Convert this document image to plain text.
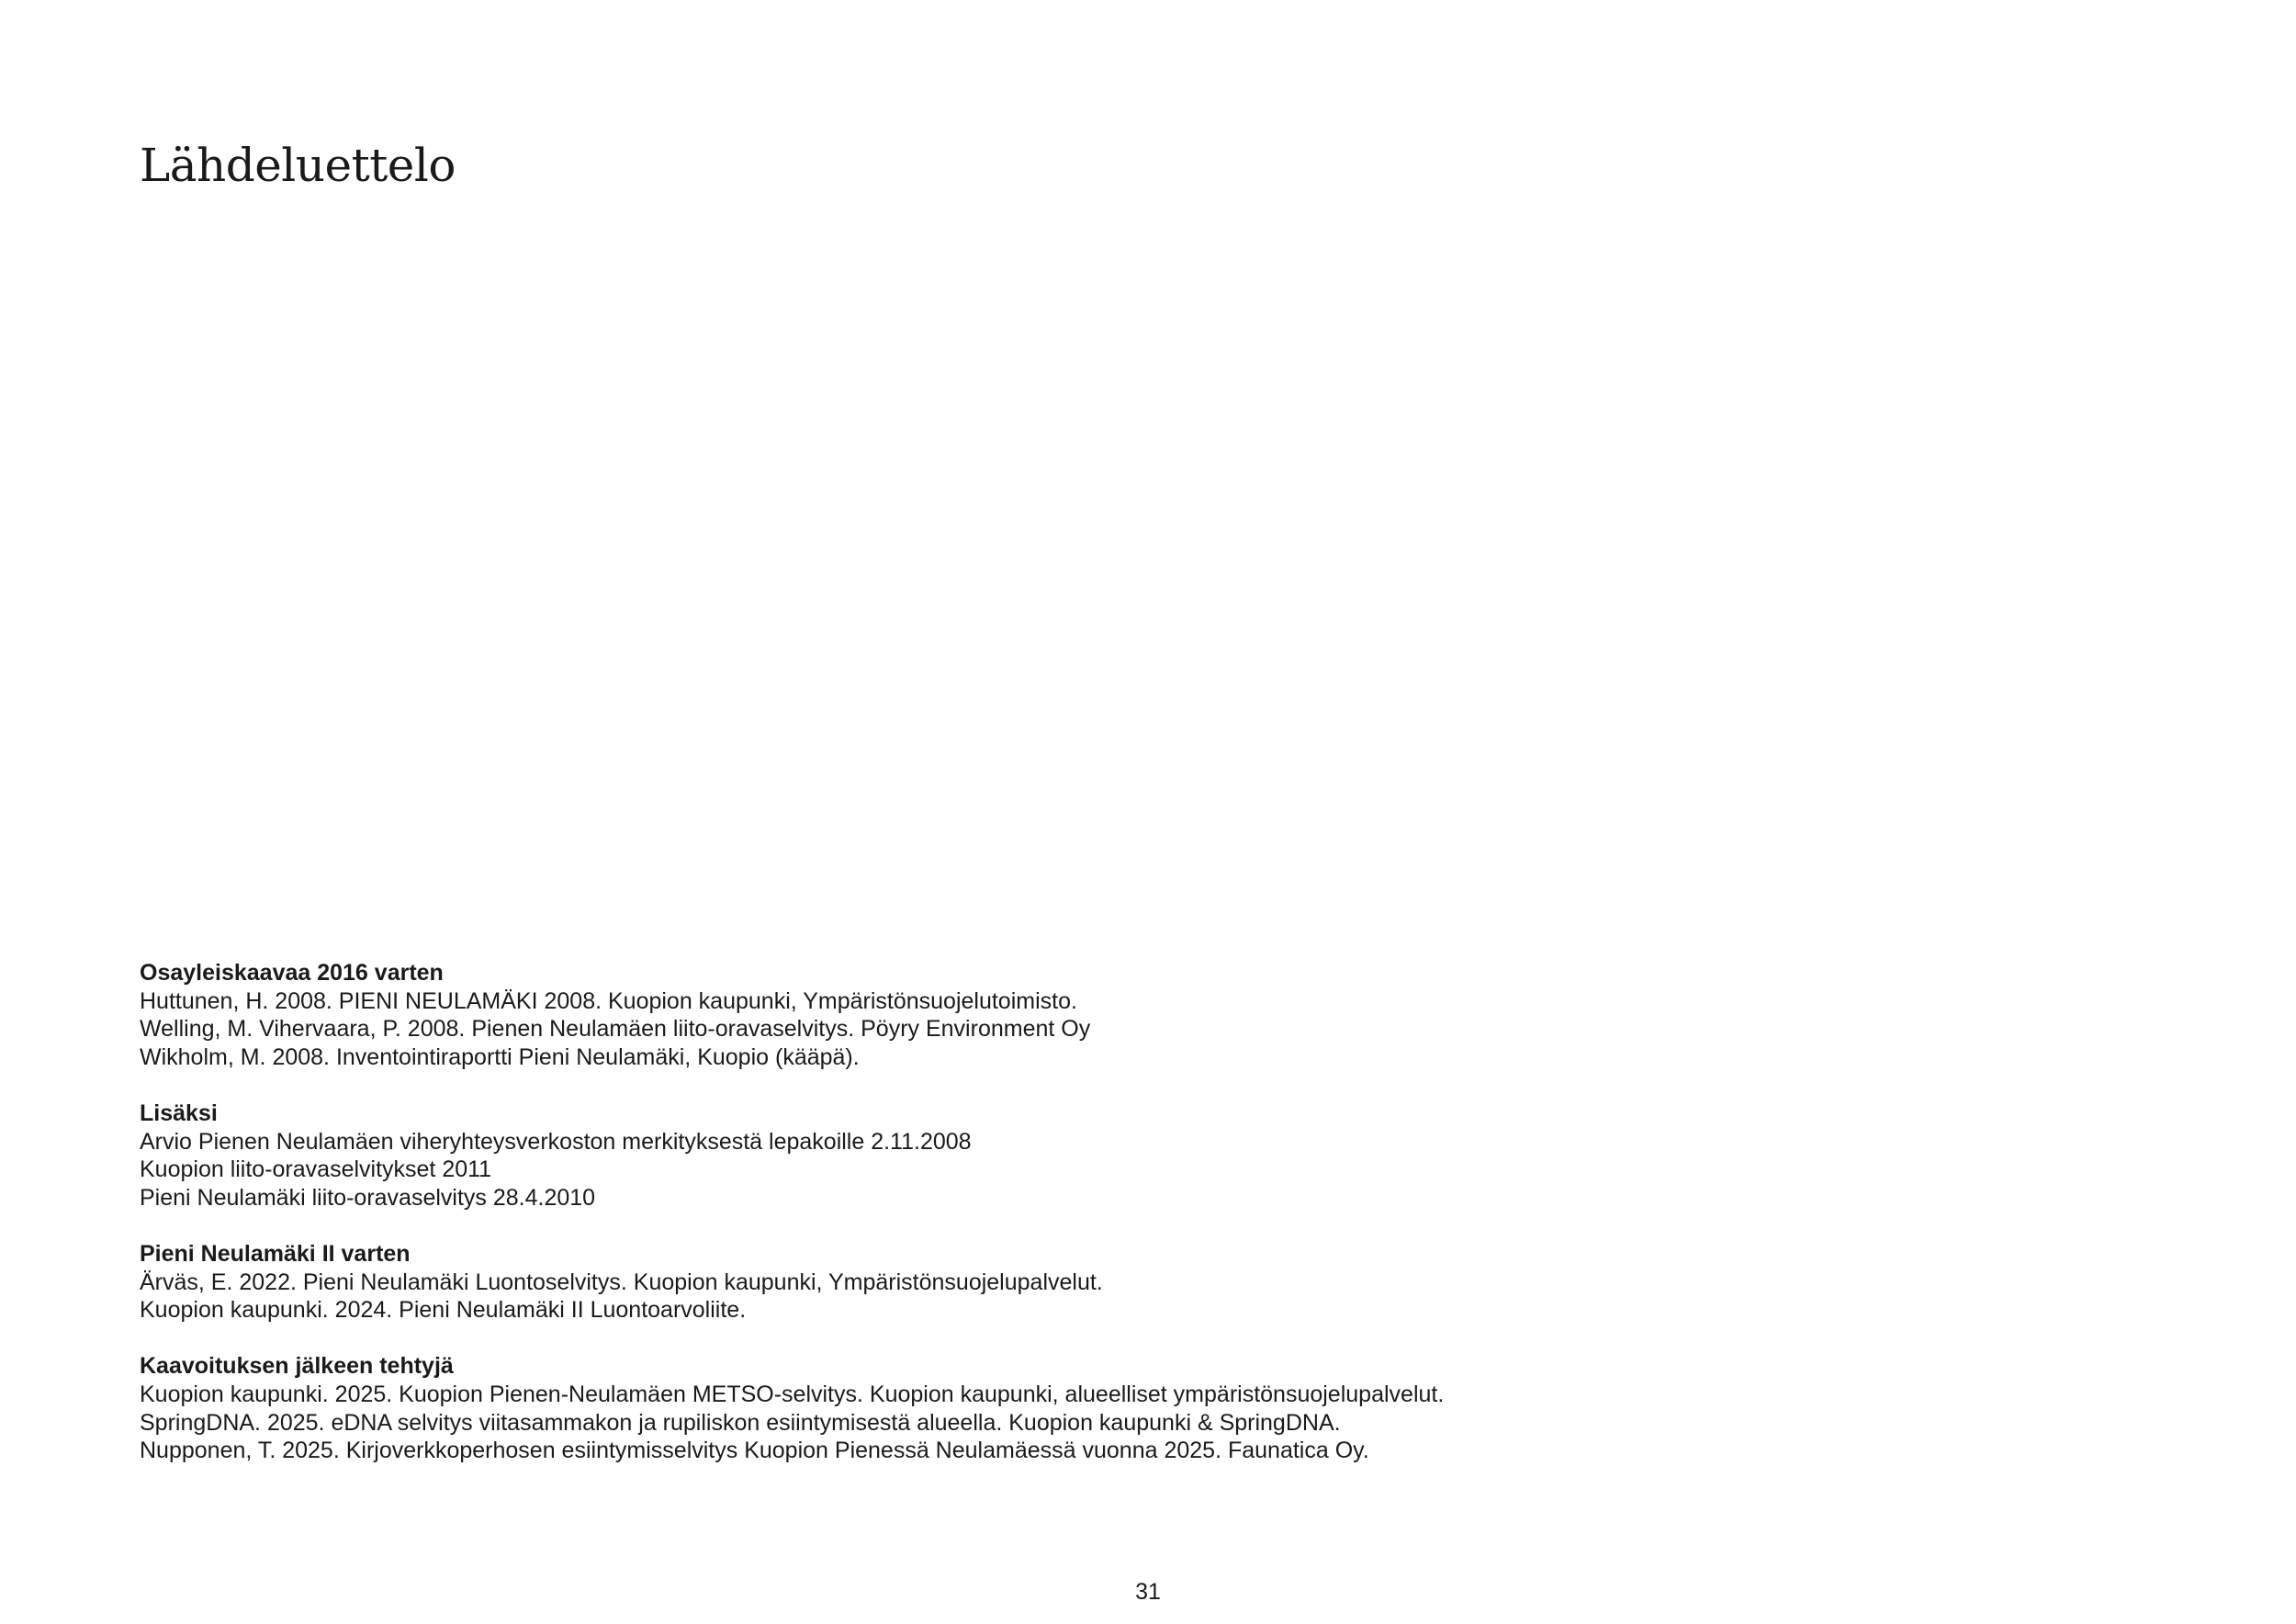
Lähdeluettelo

Osayleiskaavaa 2016 varten

Huttunen, H. 2008. PIENI NEULAMÄKI 2008. Kuopion kaupunki, Ympäristönsuojelutoimisto.

Welling, M. Vihervaara, P. 2008. Pienen Neulamäen liito-oravaselvitys. Pöyry Environment Oy

Wikholm, M. 2008. Inventointiraportti Pieni Neulamäki, Kuopio (kääpä).

Lisäksi

Arvio Pienen Neulamäen viheryhteysverkoston merkityksestä lepakoille 2.11.2008

Kuopion liito-oravaselvitykset 2011

Pieni Neulamäki liito-oravaselvitys 28.4.2010

Pieni Neulamäki II varten

Ärväs, E. 2022. Pieni Neulamäki Luontoselvitys. Kuopion kaupunki, Ympäristönsuojelupalvelut.

Kuopion kaupunki. 2024. Pieni Neulamäki II Luontoarvoliite.

Kaavoituksen jälkeen tehtyjä

Kuopion kaupunki. 2025. Kuopion Pienen-Neulamäen METSO-selvitys. Kuopion kaupunki, alueelliset ympäristönsuojelupalvelut.

SpringDNA. 2025. eDNA selvitys viitasammakon ja rupiliskon esiintymisestä alueella. Kuopion kaupunki & SpringDNA.

Nupponen, T. 2025. Kirjoverkkoperhosen esiintymisselvitys Kuopion Pienessä Neulamäessä vuonna 2025. Faunatica Oy.

31
